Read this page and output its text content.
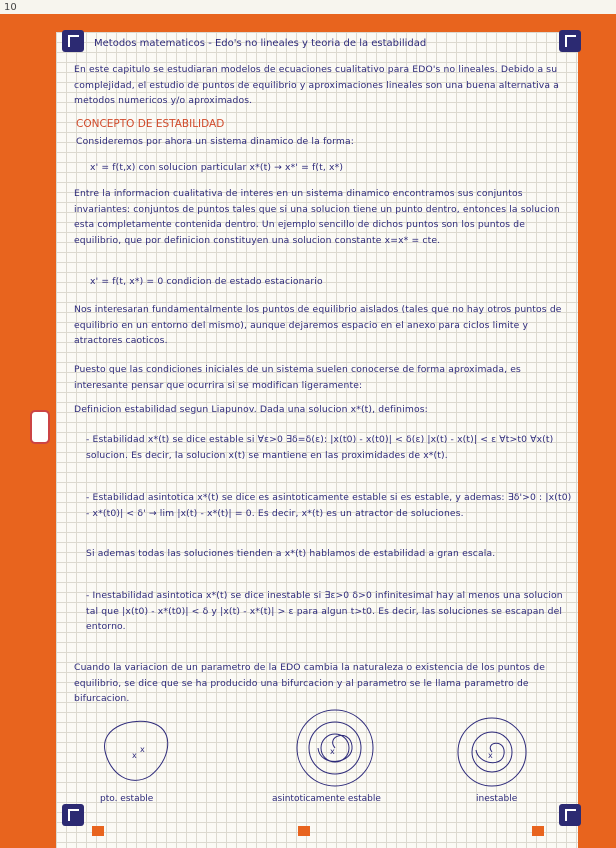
10
Metodos matematicos - Edo's no lineales y teoria de la estabilidad
En este capitulo se estudiaran modelos de ecuaciones cualitativo para EDO's no lineales. Debido a su complejidad, el estudio de puntos de equilibrio y aproximaciones lineales son una buena alternativa a metodos numericos y/o aproximados.
CONCEPTO DE ESTABILIDAD
Consideremos por ahora un sistema dinamico de la forma:
x' = f(t,x) con solucion particular x*(t) → x*' = f(t, x*)
Entre la informacion cualitativa de interes en un sistema dinamico encontramos sus conjuntos invariantes: conjuntos de puntos tales que si una solucion tiene un punto dentro, entonces la solucion esta completamente contenida dentro. Un ejemplo sencillo de dichos puntos son los puntos de equilibrio, que por definicion constituyen una solucion constante x=x* = cte.
x' = f(t, x*) = 0 condicion de estado estacionario
Nos interesaran fundamentalmente los puntos de equilibrio aislados (tales que no hay otros puntos de equilibrio en un entorno del mismo), aunque dejaremos espacio en el anexo para ciclos limite y atractores caoticos.
Puesto que las condiciones iniciales de un sistema suelen conocerse de forma aproximada, es interesante pensar que ocurrira si se modifican ligeramente:
Definicion estabilidad segun Liapunov. Dada una solucion x*(t), definimos:
- Estabilidad x*(t) se dice estable si ∀ε>0 ∃δ=δ(ε): |x(t0) - x(t0)| < δ(ε) |x(t) - x(t)| < ε ∀t>t0 ∀x(t) solucion. Es decir, la solucion x(t) se mantiene en las proximidades de x*(t).
- Estabilidad asintotica x*(t) se dice es asintoticamente estable si es estable, y ademas: ∃δ'>0 : |x(t0) - x*(t0)| < δ' → lim |x(t) - x*(t)| = 0. Es decir, x*(t) es un atractor de soluciones.
Si ademas todas las soluciones tienden a x*(t) hablamos de estabilidad a gran escala.
- Inestabilidad asintotica x*(t) se dice inestable si ∃ε>0 δ>0 infinitesimal hay al menos una solucion tal que |x(t0) - x*(t0)| < δ y |x(t) - x*(t)| > ε para algun t>t0. Es decir, las soluciones se escapan del entorno.
Cuando la variacion de un parametro de la EDO cambia la naturaleza o existencia de los puntos de equilibrio, se dice que se ha producido una bifurcacion y al parametro se le llama parametro de bifurcacion.
x
x	x	x
pto. estable	asintoticamente estable	inestable
